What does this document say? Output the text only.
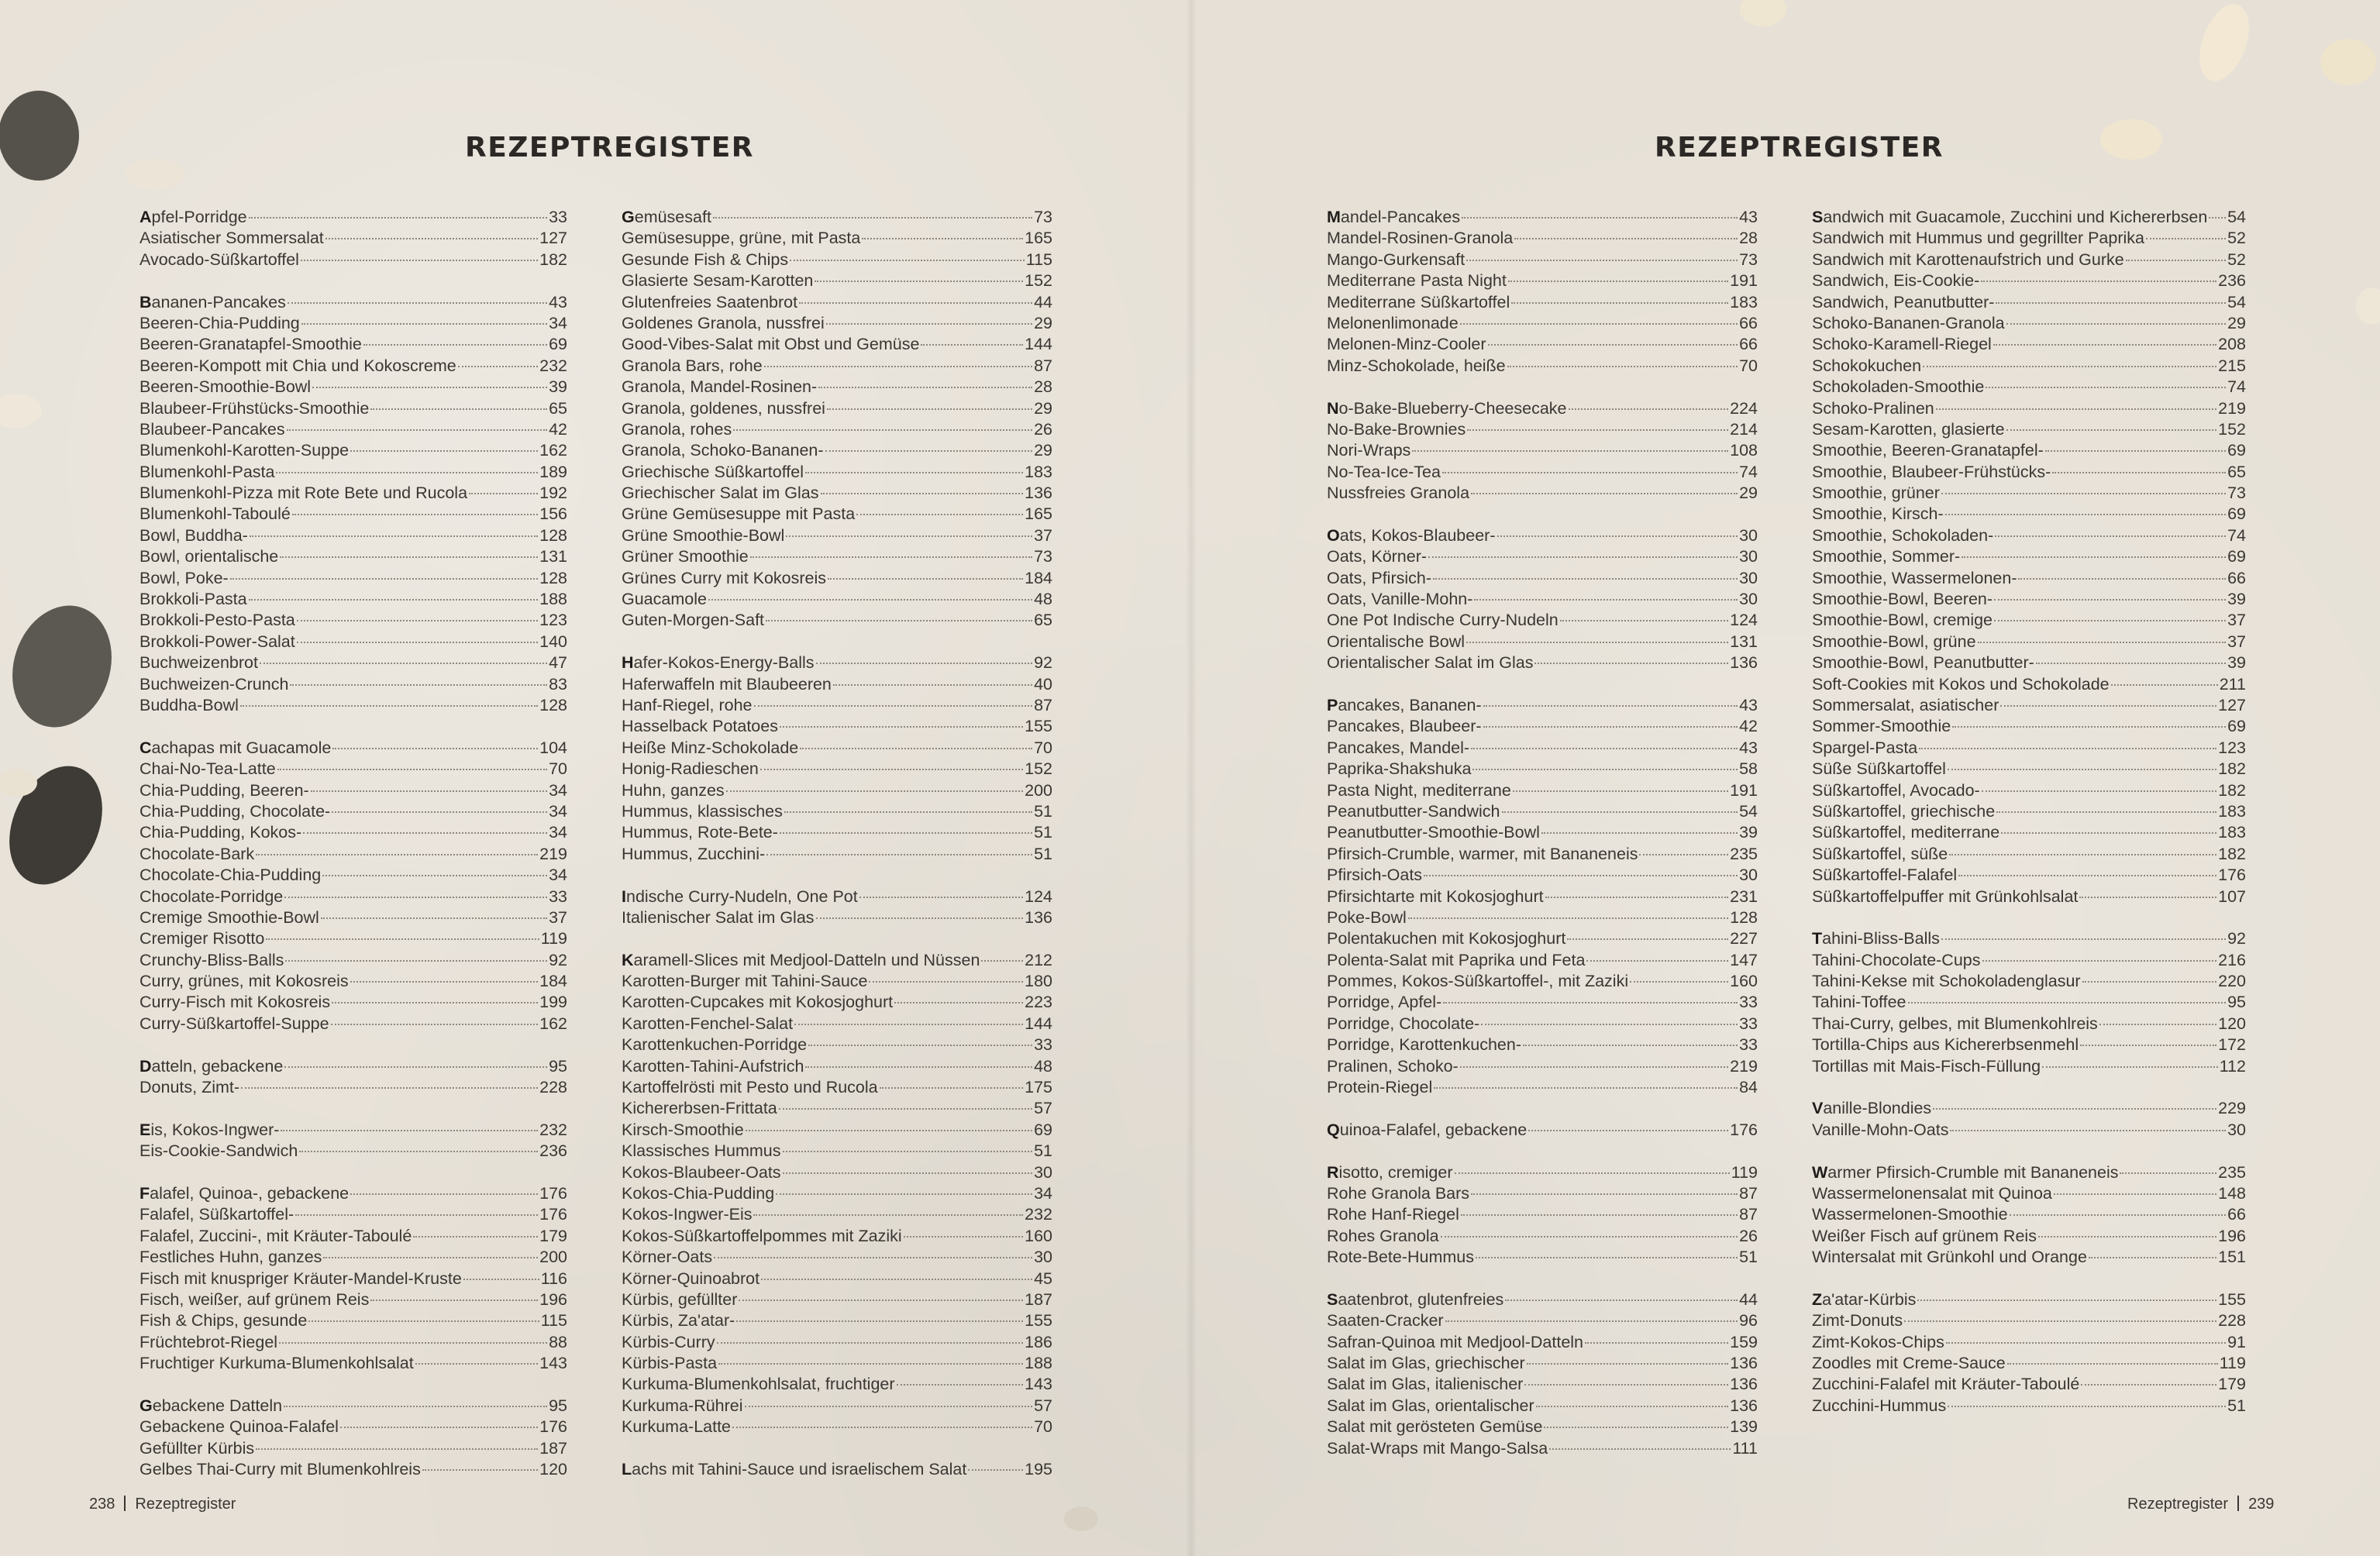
REZEPTREGISTER	REZEPTREGISTER
Apfel-Porridge	33
Asiatischer Sommersalat	127
Avocado-Süßkartoffel	182
Bananen-Pancakes	43
Beeren-Chia-Pudding	34
Beeren-Granatapfel-Smoothie	69
Beeren-Kompott mit Chia und Kokoscreme	232
Beeren-Smoothie-Bowl	39
Blaubeer-Frühstücks-Smoothie	65
Blaubeer-Pancakes	42
Blumenkohl-Karotten-Suppe	162
Blumenkohl-Pasta	189
Blumenkohl-Pizza mit Rote Bete und Rucola	192
Blumenkohl-Taboulé	156
Bowl, Buddha-	128
Bowl, orientalische	131
Bowl, Poke-	128
Brokkoli-Pasta	188
Brokkoli-Pesto-Pasta	123
Brokkoli-Power-Salat	140
Buchweizenbrot	47
Buchweizen-Crunch	83
Buddha-Bowl	128
Cachapas mit Guacamole	104
Chai-No-Tea-Latte	70
Chia-Pudding, Beeren-	34
Chia-Pudding, Chocolate-	34
Chia-Pudding, Kokos-	34
Chocolate-Bark	219
Chocolate-Chia-Pudding	34
Chocolate-Porridge	33
Cremige Smoothie-Bowl	37
Cremiger Risotto	119
Crunchy-Bliss-Balls	92
Curry, grünes, mit Kokosreis	184
Curry-Fisch mit Kokosreis	199
Curry-Süßkartoffel-Suppe	162
Datteln, gebackene	95
Donuts, Zimt-	228
Eis, Kokos-Ingwer-	232
Eis-Cookie-Sandwich	236
Falafel, Quinoa-, gebackene	176
Falafel, Süßkartoffel-	176
Falafel, Zuccini-, mit Kräuter-Taboulé	179
Festliches Huhn, ganzes	200
Fisch mit knuspriger Kräuter-Mandel-Kruste	116
Fisch, weißer, auf grünem Reis	196
Fish & Chips, gesunde	115
Früchtebrot-Riegel	88
Fruchtiger Kurkuma-Blumenkohlsalat	143
Gebackene Datteln	95
Gebackene Quinoa-Falafel	176
Gefüllter Kürbis	187
Gelbes Thai-Curry mit Blumenkohlreis	120
Gemüsesaft	73
Gemüsesuppe, grüne, mit Pasta	165
Gesunde Fish & Chips	115
Glasierte Sesam-Karotten	152
Glutenfreies Saatenbrot	44
Goldenes Granola, nussfrei	29
Good-Vibes-Salat mit Obst und Gemüse	144
Granola Bars, rohe	87
Granola, Mandel-Rosinen-	28
Granola, goldenes, nussfrei	29
Granola, rohes	26
Granola, Schoko-Bananen-	29
Griechische Süßkartoffel	183
Griechischer Salat im Glas	136
Grüne Gemüsesuppe mit Pasta	165
Grüne Smoothie-Bowl	37
Grüner Smoothie	73
Grünes Curry mit Kokosreis	184
Guacamole	48
Guten-Morgen-Saft	65
Hafer-Kokos-Energy-Balls	92
Haferwaffeln mit Blaubeeren	40
Hanf-Riegel, rohe	87
Hasselback Potatoes	155
Heiße Minz-Schokolade	70
Honig-Radieschen	152
Huhn, ganzes	200
Hummus, klassisches	51
Hummus, Rote-Bete-	51
Hummus, Zucchini-	51
Indische Curry-Nudeln, One Pot	124
Italienischer Salat im Glas	136
Karamell-Slices mit Medjool-Datteln und Nüssen	212
Karotten-Burger mit Tahini-Sauce	180
Karotten-Cupcakes mit Kokosjoghurt	223
Karotten-Fenchel-Salat	144
Karottenkuchen-Porridge	33
Karotten-Tahini-Aufstrich	48
Kartoffelrösti mit Pesto und Rucola	175
Kichererbsen-Frittata	57
Kirsch-Smoothie	69
Klassisches Hummus	51
Kokos-Blaubeer-Oats	30
Kokos-Chia-Pudding	34
Kokos-Ingwer-Eis	232
Kokos-Süßkartoffelpommes mit Zaziki	160
Körner-Oats	30
Körner-Quinoabrot	45
Kürbis, gefüllter	187
Kürbis, Za'atar-	155
Kürbis-Curry	186
Kürbis-Pasta	188
Kurkuma-Blumenkohlsalat, fruchtiger	143
Kurkuma-Rührei	57
Kurkuma-Latte	70
Lachs mit Tahini-Sauce und israelischem Salat	195
Mandel-Pancakes	43
Mandel-Rosinen-Granola	28
Mango-Gurkensaft	73
Mediterrane Pasta Night	191
Mediterrane Süßkartoffel	183
Melonenlimonade	66
Melonen-Minz-Cooler	66
Minz-Schokolade, heiße	70
No-Bake-Blueberry-Cheesecake	224
No-Bake-Brownies	214
Nori-Wraps	108
No-Tea-Ice-Tea	74
Nussfreies Granola	29
Oats, Kokos-Blaubeer-	30
Oats, Körner-	30
Oats, Pfirsich-	30
Oats, Vanille-Mohn-	30
One Pot Indische Curry-Nudeln	124
Orientalische Bowl	131
Orientalischer Salat im Glas	136
Pancakes, Bananen-	43
Pancakes, Blaubeer-	42
Pancakes, Mandel-	43
Paprika-Shakshuka	58
Pasta Night, mediterrane	191
Peanutbutter-Sandwich	54
Peanutbutter-Smoothie-Bowl	39
Pfirsich-Crumble, warmer, mit Bananeneis	235
Pfirsich-Oats	30
Pfirsichtarte mit Kokosjoghurt	231
Poke-Bowl	128
Polentakuchen mit Kokosjoghurt	227
Polenta-Salat mit Paprika und Feta	147
Pommes, Kokos-Süßkartoffel-, mit Zaziki	160
Porridge, Apfel-	33
Porridge, Chocolate-	33
Porridge, Karottenkuchen-	33
Pralinen, Schoko-	219
Protein-Riegel	84
Quinoa-Falafel, gebackene	176
Risotto, cremiger	119
Rohe Granola Bars	87
Rohe Hanf-Riegel	87
Rohes Granola	26
Rote-Bete-Hummus	51
Saatenbrot, glutenfreies	44
Saaten-Cracker	96
Safran-Quinoa mit Medjool-Datteln	159
Salat im Glas, griechischer	136
Salat im Glas, italienischer	136
Salat im Glas, orientalischer	136
Salat mit gerösteten Gemüse	139
Salat-Wraps mit Mango-Salsa	111
Sandwich mit Guacamole, Zucchini und Kichererbsen 54
Sandwich mit Hummus und gegrillter Paprika	52
Sandwich mit Karottenaufstrich und Gurke	52
Sandwich, Eis-Cookie-	236
Sandwich, Peanutbutter-	54
Schoko-Bananen-Granola	29
Schoko-Karamell-Riegel	208
Schokokuchen	215
Schokoladen-Smoothie	74
Schoko-Pralinen	219
Sesam-Karotten, glasierte	152
Smoothie, Beeren-Granatapfel-	69
Smoothie, Blaubeer-Frühstücks-	65
Smoothie, grüner	73
Smoothie, Kirsch-	69
Smoothie, Schokoladen-	74
Smoothie, Sommer-	69
Smoothie, Wassermelonen-	66
Smoothie-Bowl, Beeren-	39
Smoothie-Bowl, cremige	37
Smoothie-Bowl, grüne	37
Smoothie-Bowl, Peanutbutter-	39
Soft-Cookies mit Kokos und Schokolade	211
Sommersalat, asiatischer	127
Sommer-Smoothie	69
Spargel-Pasta	123
Süße Süßkartoffel	182
Süßkartoffel, Avocado-	182
Süßkartoffel, griechische	183
Süßkartoffel, mediterrane	183
Süßkartoffel, süße	182
Süßkartoffel-Falafel	176
Süßkartoffelpuffer mit Grünkohlsalat	107
Tahini-Bliss-Balls	92
Tahini-Chocolate-Cups	216
Tahini-Kekse mit Schokoladenglasur	220
Tahini-Toffee	95
Thai-Curry, gelbes, mit Blumenkohlreis	120
Tortilla-Chips aus Kichererbsenmehl	172
Tortillas mit Mais-Fisch-Füllung	112
Vanille-Blondies	229
Vanille-Mohn-Oats	30
Warmer Pfirsich-Crumble mit Bananeneis	235
Wassermelonensalat mit Quinoa	148
Wassermelonen-Smoothie	66
Weißer Fisch auf grünem Reis	196
Wintersalat mit Grünkohl und Orange	151
Za'atar-Kürbis	155
Zimt-Donuts	228
Zimt-Kokos-Chips	91
Zoodles mit Creme-Sauce	119
Zucchini-Falafel mit Kräuter-Taboulé	179
Zucchini-Hummus	51
238 Rezeptregister	Rezeptregister 239
